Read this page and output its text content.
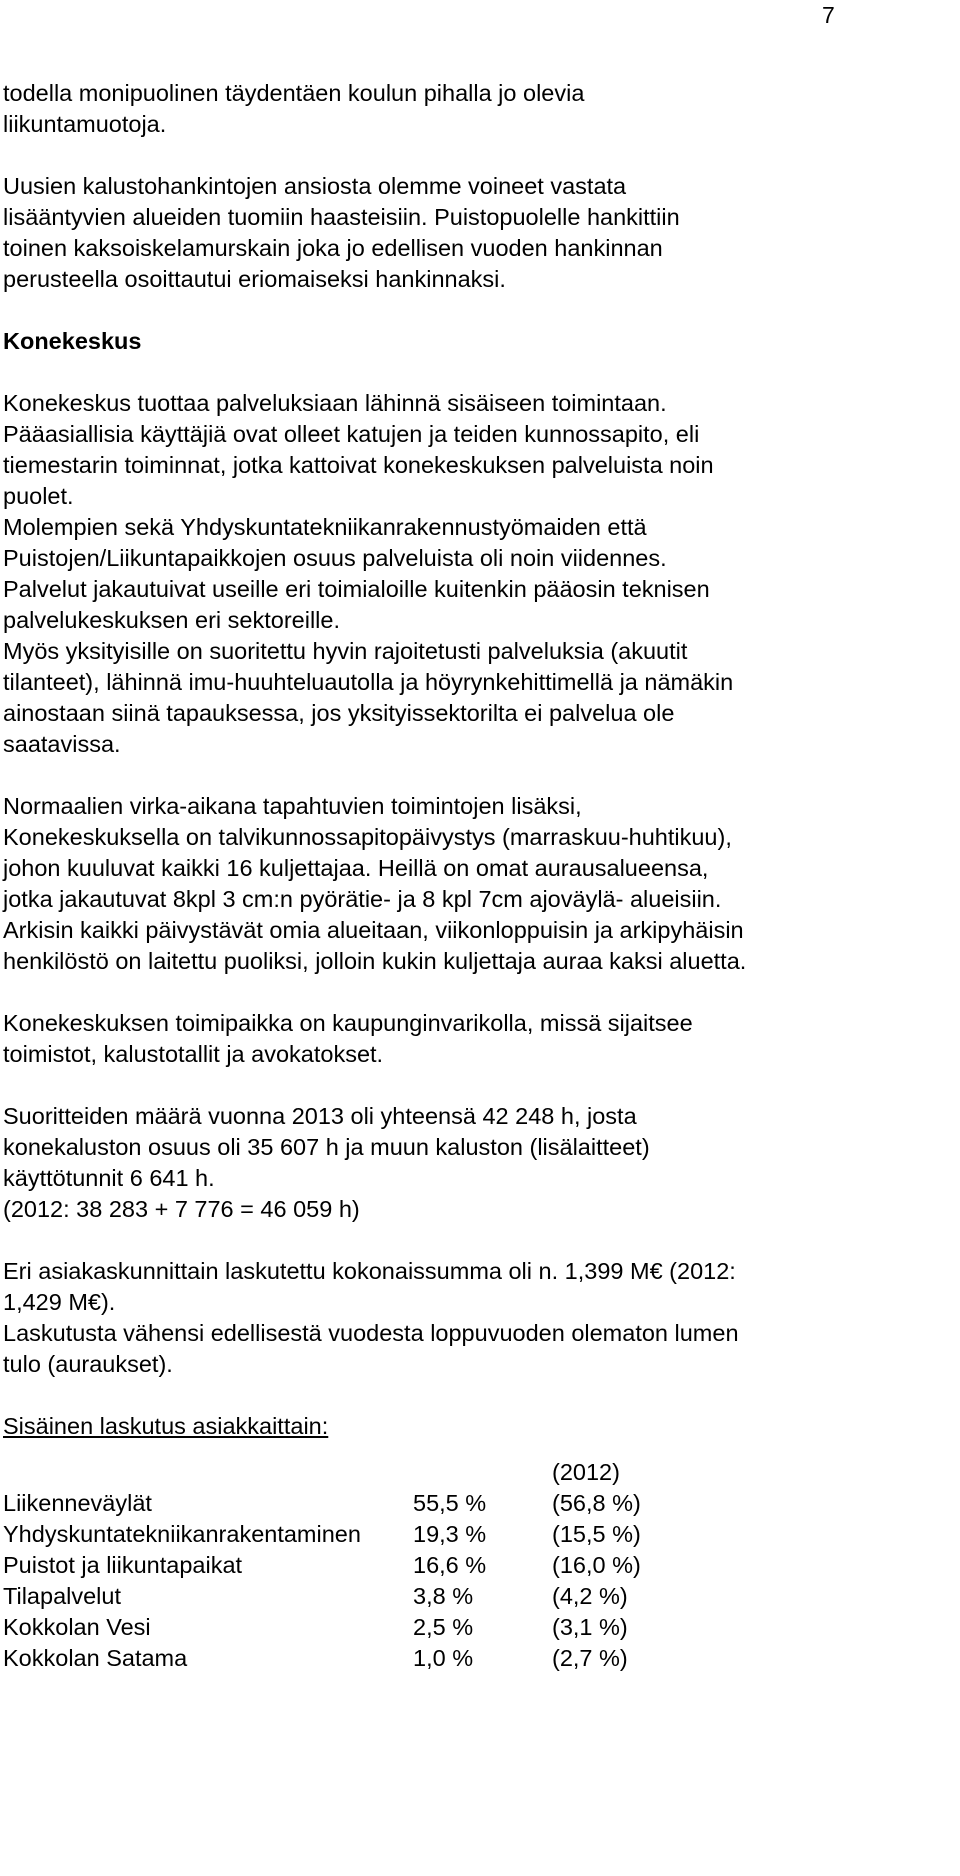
7

todella monipuolinen täydentäen koulun pihalla jo olevia

liikuntamuotoja.

Uusien kalustohankintojen ansiosta olemme voineet vastata

lisääntyvien alueiden tuomiin haasteisiin. Puistopuolelle hankittiin

toinen kaksoiskelamurskain joka jo edellisen vuoden hankinnan

perusteella osoittautui eriomaiseksi hankinnaksi.

Konekeskus

Konekeskus tuottaa palveluksiaan lähinnä sisäiseen toimintaan.

Pääasiallisia käyttäjiä ovat olleet katujen ja teiden kunnossapito, eli

tiemestarin toiminnat, jotka kattoivat konekeskuksen palveluista noin

puolet.

Molempien sekä Yhdyskuntatekniikanrakennustyömaiden että

Puistojen/Liikuntapaikkojen osuus palveluista oli noin viidennes.

Palvelut jakautuivat useille eri toimialoille kuitenkin pääosin teknisen

palvelukeskuksen eri sektoreille.

Myös yksityisille on suoritettu hyvin rajoitetusti palveluksia (akuutit

tilanteet), lähinnä imu-huuhteluautolla ja höyrynkehittimellä ja nämäkin

ainostaan siinä tapauksessa, jos yksityissektorilta ei palvelua ole

saatavissa.

Normaalien virka-aikana tapahtuvien toimintojen lisäksi,

Konekeskuksella on talvikunnossapitopäivystys (marraskuu-huhtikuu),

johon kuuluvat kaikki 16 kuljettajaa. Heillä on omat aurausalueensa,

jotka jakautuvat 8kpl 3 cm:n pyörätie- ja 8 kpl 7cm ajoväylä- alueisiin.

Arkisin kaikki päivystävät omia alueitaan, viikonloppuisin ja arkipyhäisin

henkilöstö on laitettu puoliksi, jolloin kukin kuljettaja auraa kaksi aluetta.

Konekeskuksen toimipaikka on kaupunginvarikolla, missä sijaitsee

toimistot, kalustotallit ja avokatokset.

Suoritteiden määrä vuonna 2013 oli yhteensä 42 248 h, josta

konekaluston osuus oli 35 607 h ja muun kaluston (lisälaitteet)

käyttötunnit 6 641 h.

(2012: 38 283 + 7 776 = 46 059 h)

Eri asiakaskunnittain laskutettu kokonaissumma oli n. 1,399 M€ (2012:

1,429 M€).

Laskutusta vähensi edellisestä vuodesta loppuvuoden olematon lumen

tulo (auraukset).

Sisäinen laskutus asiakkaittain:

		(2012)
Liikenneväylät	55,5 %	(56,8 %)
Yhdyskuntatekniikanrakentaminen	19,3 %	(15,5 %)
Puistot ja liikuntapaikat	16,6 %	(16,0 %)
Tilapalvelut	3,8 %	(4,2 %)
Kokkolan Vesi	2,5 %	(3,1 %)
Kokkolan Satama	1,0 %	(2,7 %)
